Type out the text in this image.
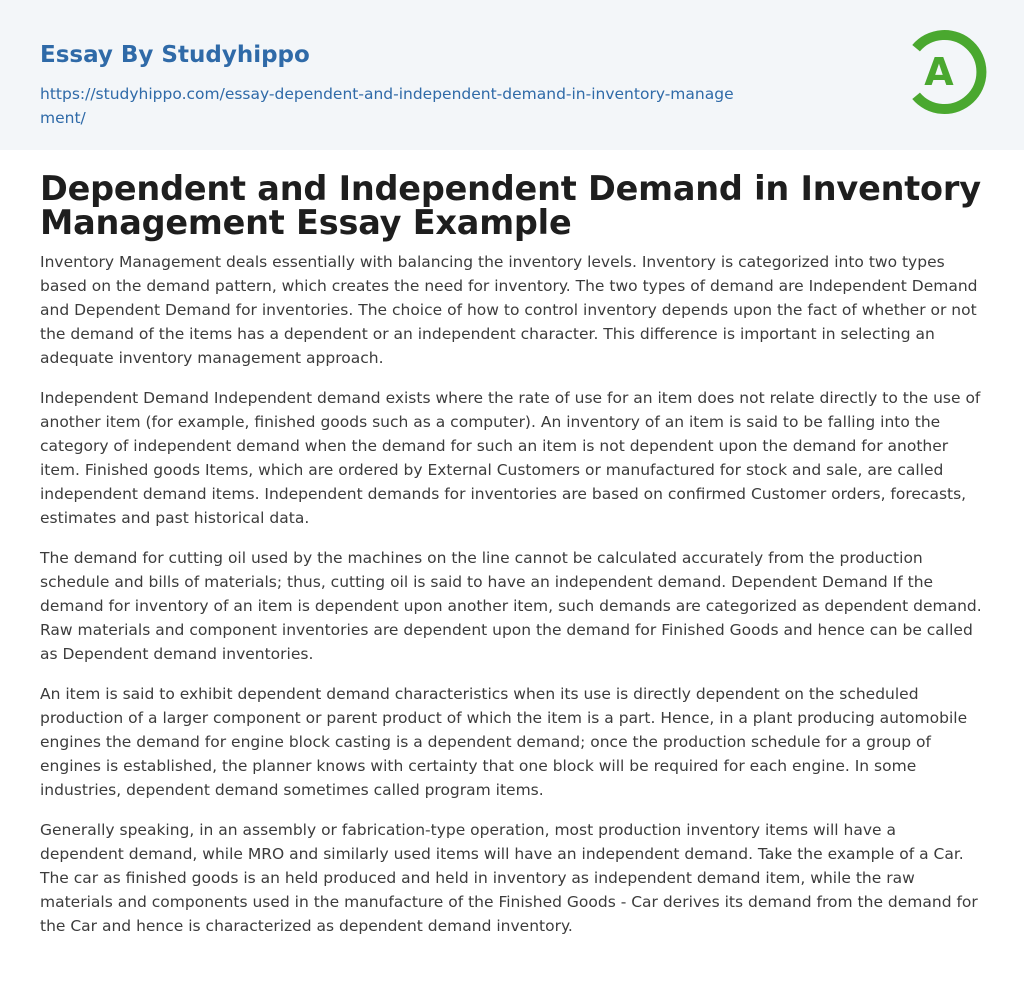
Essay By Studyhippo
https://studyhippo.com/essay-dependent-and-independent-demand-in-inventory-management/
A
Dependent and Independent Demand in Inventory Management Essay Example

Inventory Management deals essentially with balancing the inventory levels. Inventory is categorized into two types based on the demand pattern, which creates the need for inventory. The two types of demand are Independent Demand and Dependent Demand for inventories. The choice of how to control inventory depends upon the fact of whether or not the demand of the items has a dependent or an independent character. This difference is important in selecting an adequate inventory management approach.

Independent Demand Independent demand exists where the rate of use for an item does not relate directly to the use of another item (for example, finished goods such as a computer). An inventory of an item is said to be falling into the category of independent demand when the demand for such an item is not dependent upon the demand for another item. Finished goods Items, which are ordered by External Customers or manufactured for stock and sale, are called independent demand items. Independent demands for inventories are based on confirmed Customer orders, forecasts, estimates and past historical data.

The demand for cutting oil used by the machines on the line cannot be calculated accurately from the production schedule and bills of materials; thus, cutting oil is said to have an independent demand. Dependent Demand If the demand for inventory of an item is dependent upon another item, such demands are categorized as dependent demand. Raw materials and component inventories are dependent upon the demand for Finished Goods and hence can be called as Dependent demand inventories.

An item is said to exhibit dependent demand characteristics when its use is directly dependent on the scheduled production of a larger component or parent product of which the item is a part. Hence, in a plant producing automobile engines the demand for engine block casting is a dependent demand; once the production schedule for a group of engines is established, the planner knows with certainty that one block will be required for each engine. In some industries, dependent demand sometimes called program items.

Generally speaking, in an assembly or fabrication-type operation, most production inventory items will have a dependent demand, while MRO and similarly used items will have an independent demand. Take the example of a Car. The car as finished goods is an held produced and held in inventory as independent demand item, while the raw materials and components used in the manufacture of the Finished Goods - Car derives its demand from the demand for the Car and hence is characterized as dependent demand inventory.
